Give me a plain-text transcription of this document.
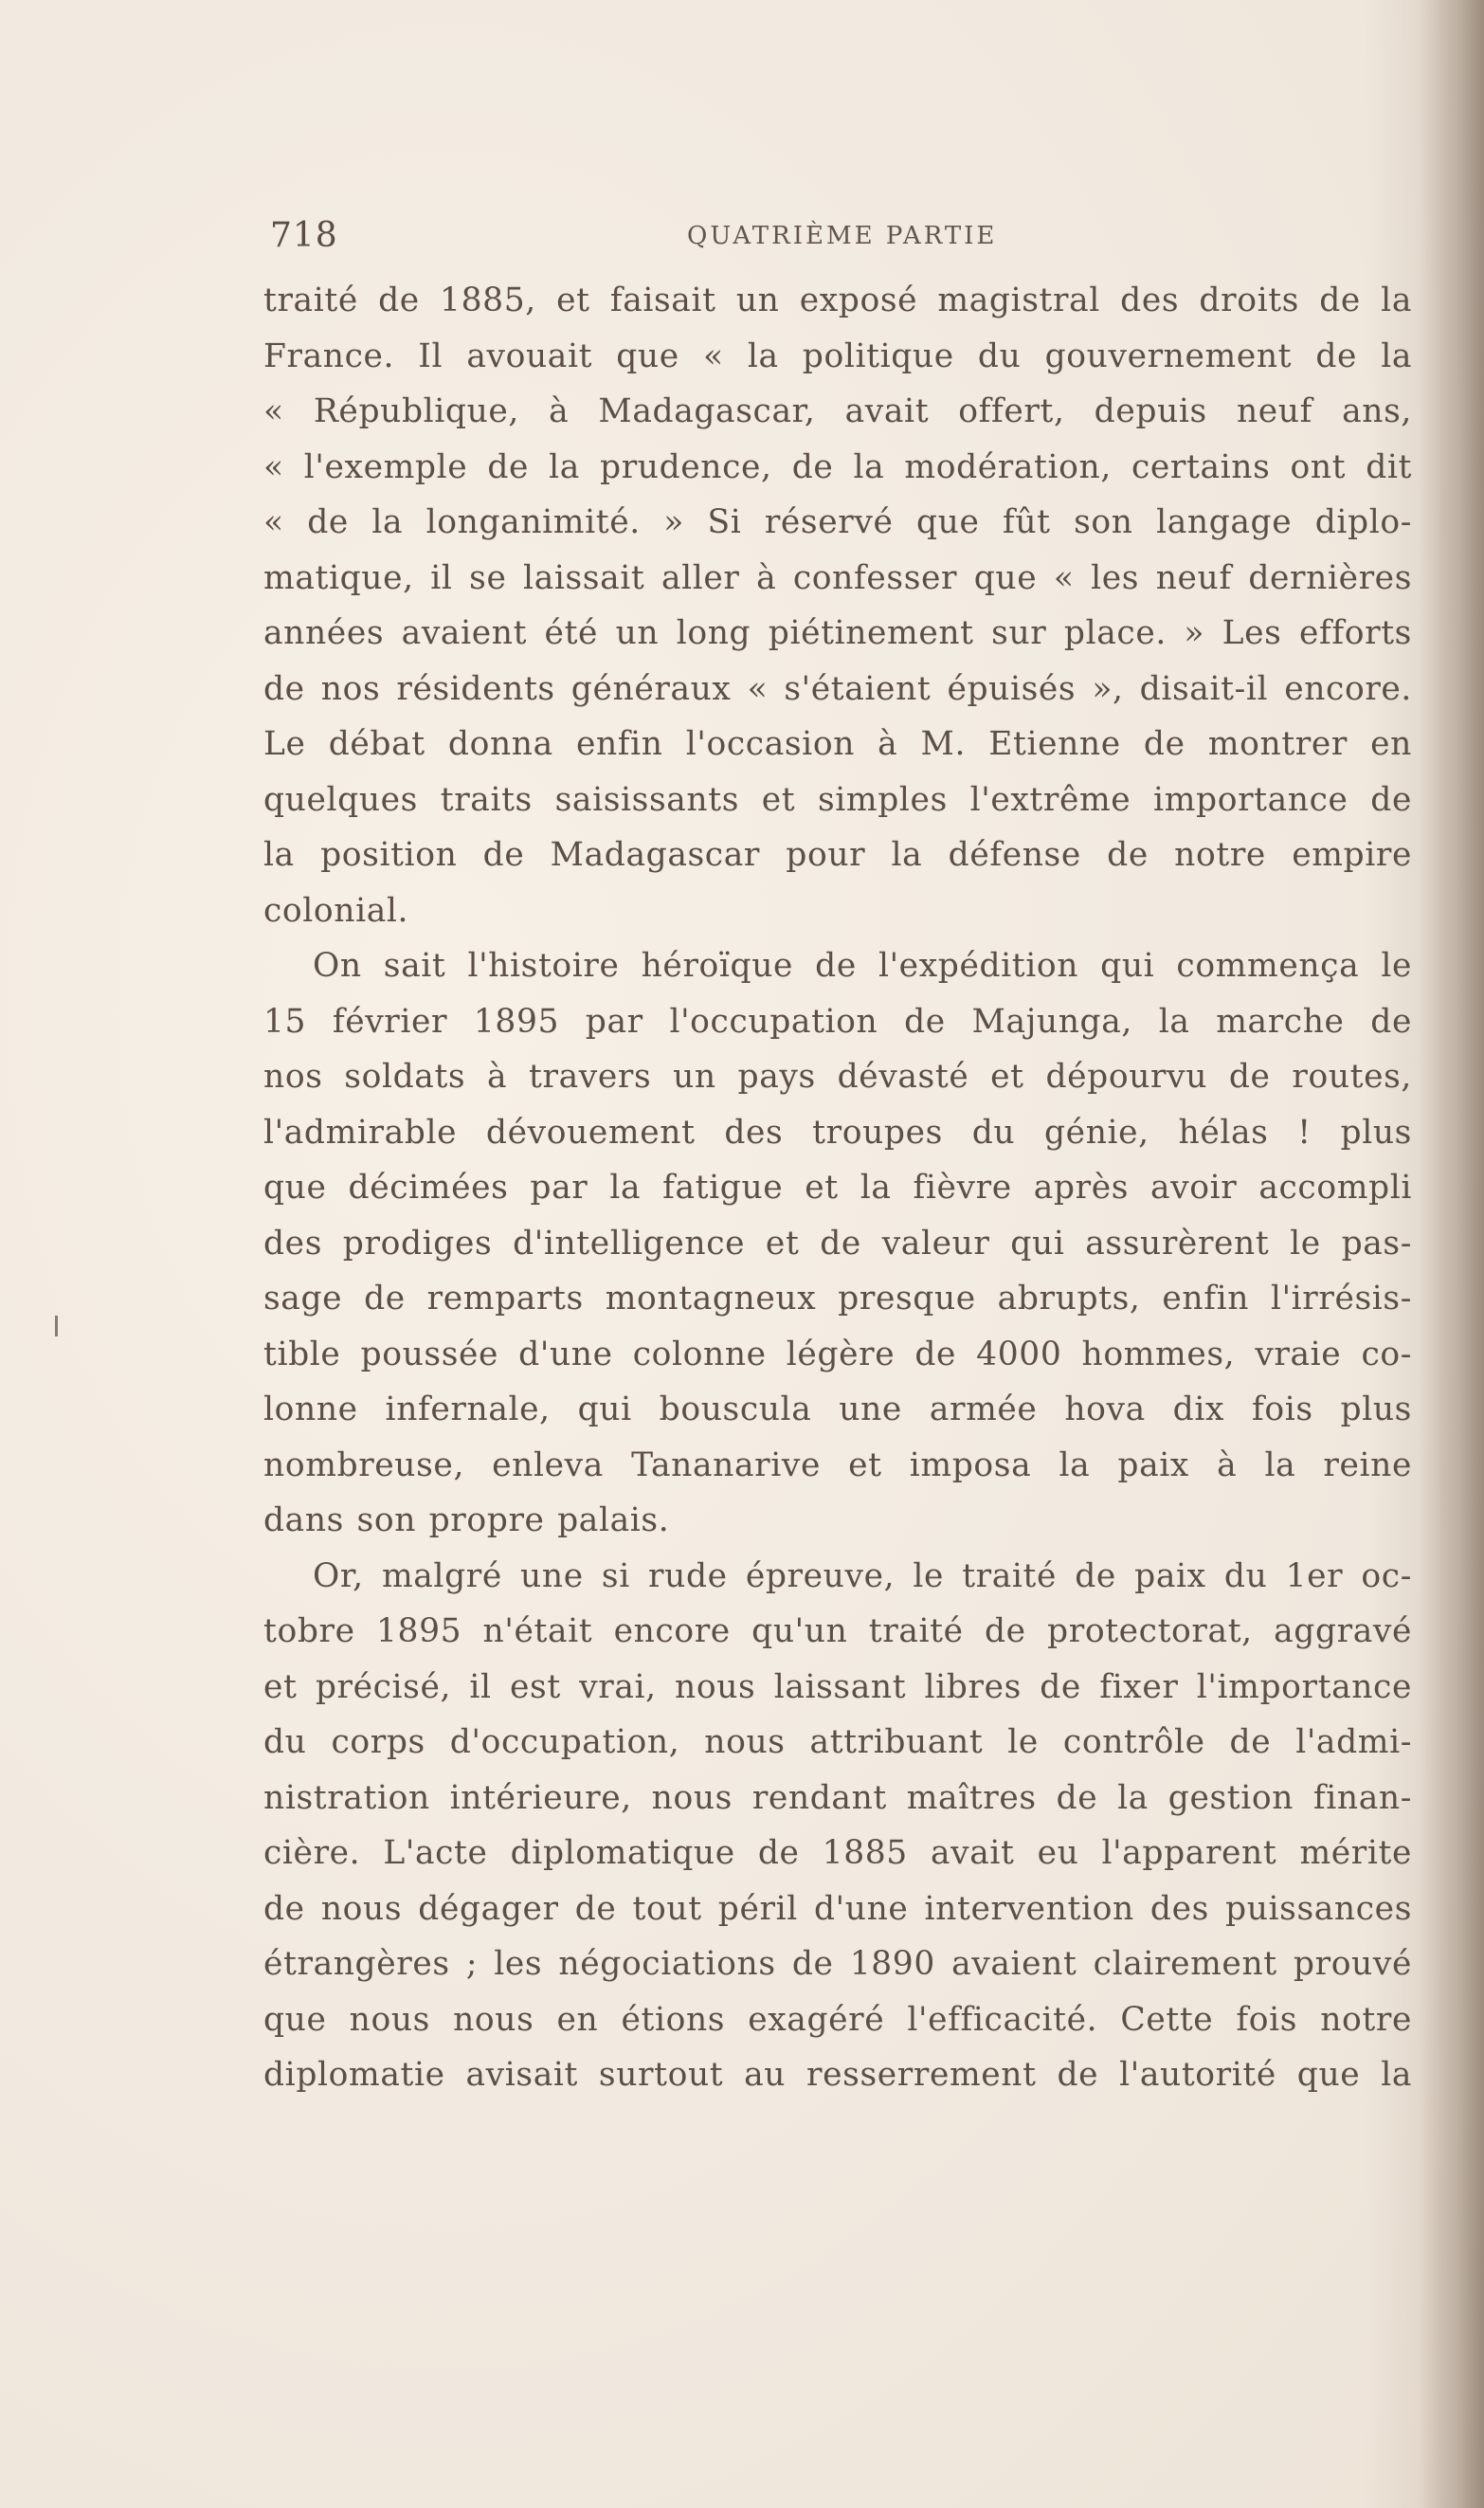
718	QUATRIÈME PARTIE
traité de 1885, et faisait un exposé magistral des droits de la
France. Il avouait que « la politique du gouvernement de la
« République, à Madagascar, avait offert, depuis neuf ans,
« l'exemple de la prudence, de la modération, certains ont dit
« de la longanimité. » Si réservé que fût son langage diplo-
matique, il se laissait aller à confesser que « les neuf dernières
années avaient été un long piétinement sur place. » Les efforts
de nos résidents généraux « s'étaient épuisés », disait-il encore.
Le débat donna enfin l'occasion à M. Etienne de montrer en
quelques traits saisissants et simples l'extrême importance de
la position de Madagascar pour la défense de notre empire
colonial.
On sait l'histoire héroïque de l'expédition qui commença le
15 février 1895 par l'occupation de Majunga, la marche de
nos soldats à travers un pays dévasté et dépourvu de routes,
l'admirable dévouement des troupes du génie, hélas ! plus
que décimées par la fatigue et la fièvre après avoir accompli
des prodiges d'intelligence et de valeur qui assurèrent le pas-
sage de remparts montagneux presque abrupts, enfin l'irrésis-
tible poussée d'une colonne légère de 4000 hommes, vraie co-
lonne infernale, qui bouscula une armée hova dix fois plus
nombreuse, enleva Tananarive et imposa la paix à la reine
dans son propre palais.
Or, malgré une si rude épreuve, le traité de paix du 1er oc-
tobre 1895 n'était encore qu'un traité de protectorat, aggravé
et précisé, il est vrai, nous laissant libres de fixer l'importance
du corps d'occupation, nous attribuant le contrôle de l'admi-
nistration intérieure, nous rendant maîtres de la gestion finan-
cière. L'acte diplomatique de 1885 avait eu l'apparent mérite
de nous dégager de tout péril d'une intervention des puissances
étrangères ; les négociations de 1890 avaient clairement prouvé
que nous nous en étions exagéré l'efficacité. Cette fois notre
diplomatie avisait surtout au resserrement de l'autorité que la
